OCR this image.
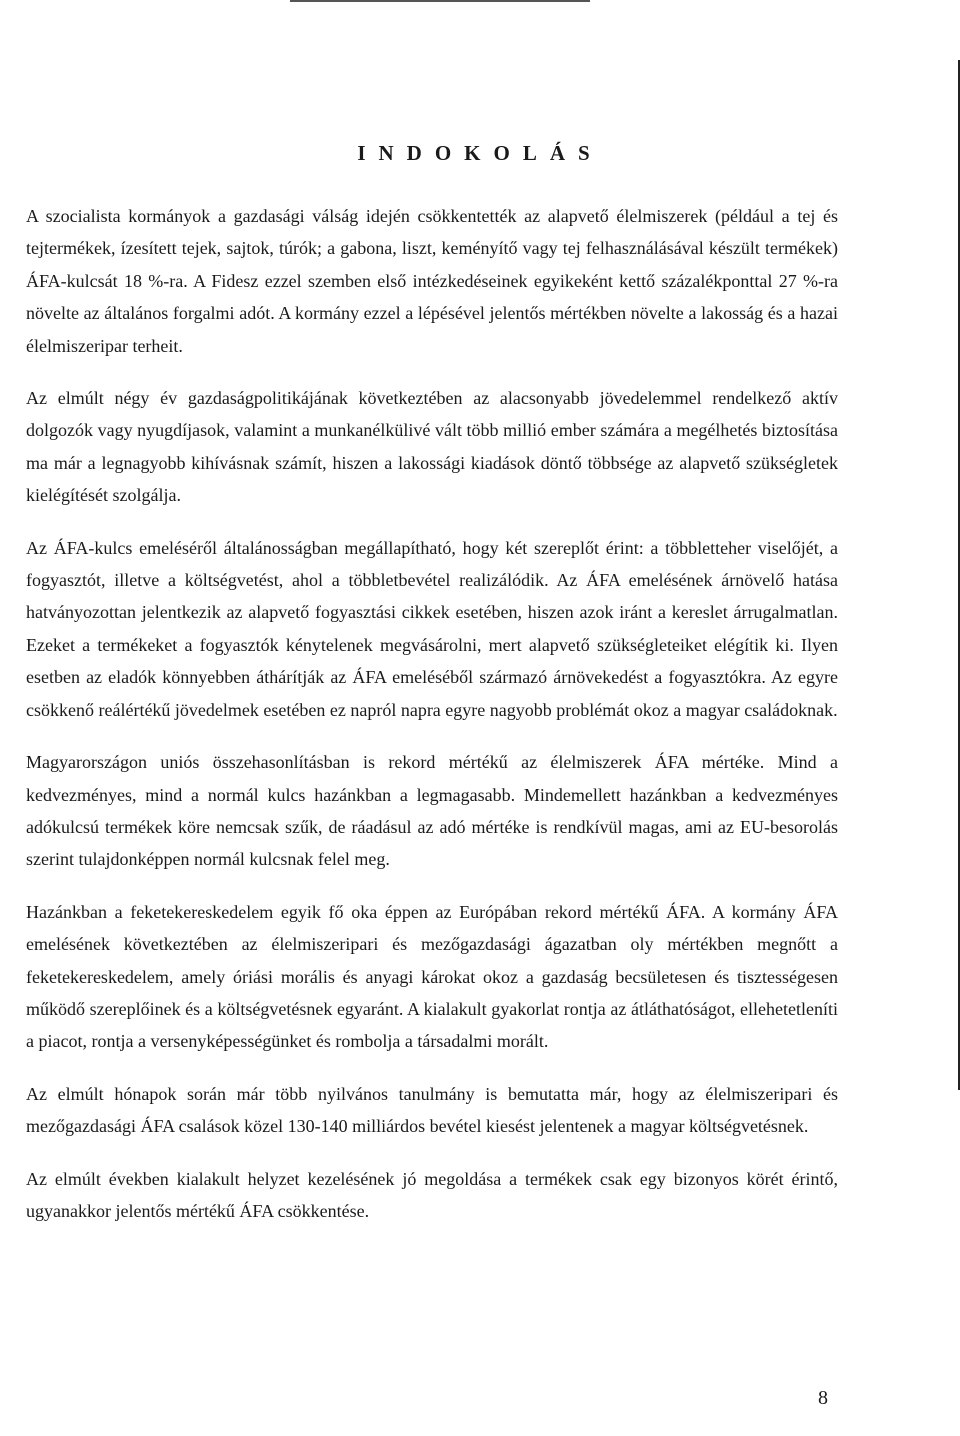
INDOKOLÁS

A szocialista kormányok a gazdasági válság idején csökkentették az alapvető élelmiszerek (például a tej és tejtermékek, ízesített tejek, sajtok, túrók; a gabona, liszt, keményítő vagy tej felhasználásával készült termékek) ÁFA-kulcsát 18 %-ra. A Fidesz ezzel szemben első intézkedéseinek egyikeként kettő százalékponttal 27 %-ra növelte az általános forgalmi adót. A kormány ezzel a lépésével jelentős mértékben növelte a lakosság és a hazai élelmiszeripar terheit.

Az elmúlt négy év gazdaságpolitikájának következtében az alacsonyabb jövedelemmel rendelkező aktív dolgozók vagy nyugdíjasok, valamint a munkanélkülivé vált több millió ember számára a megélhetés biztosítása ma már a legnagyobb kihívásnak számít, hiszen a lakossági kiadások döntő többsége az alapvető szükségletek kielégítését szolgálja.

Az ÁFA-kulcs emeléséről általánosságban megállapítható, hogy két szereplőt érint: a többletteher viselőjét, a fogyasztót, illetve a költségvetést, ahol a többletbevétel realizálódik. Az ÁFA emelésének árnövelő hatása hatványozottan jelentkezik az alapvető fogyasztási cikkek esetében, hiszen azok iránt a kereslet árrugalmatlan. Ezeket a termékeket a fogyasztók kénytelenek megvásárolni, mert alapvető szükségleteiket elégítik ki. Ilyen esetben az eladók könnyebben áthárítják az ÁFA emeléséből származó árnövekedést a fogyasztókra. Az egyre csökkenő reálértékű jövedelmek esetében ez napról napra egyre nagyobb problémát okoz a magyar családoknak.

Magyarországon uniós összehasonlításban is rekord mértékű az élelmiszerek ÁFA mértéke. Mind a kedvezményes, mind a normál kulcs hazánkban a legmagasabb. Mindemellett hazánkban a kedvezményes adókulcsú termékek köre nemcsak szűk, de ráadásul az adó mértéke is rendkívül magas, ami az EU-besorolás szerint tulajdonképpen normál kulcsnak felel meg.

Hazánkban a feketekereskedelem egyik fő oka éppen az Európában rekord mértékű ÁFA. A kormány ÁFA emelésének következtében az élelmiszeripari és mezőgazdasági ágazatban oly mértékben megnőtt a feketekereskedelem, amely óriási morális és anyagi károkat okoz a gazdaság becsületesen és tisztességesen működő szereplőinek és a költségvetésnek egyaránt. A kialakult gyakorlat rontja az átláthatóságot, ellehetetleníti a piacot, rontja a versenyképességünket és rombolja a társadalmi morált.

Az elmúlt hónapok során már több nyilvános tanulmány is bemutatta már, hogy az élelmiszeripari és mezőgazdasági ÁFA csalások közel 130-140 milliárdos bevétel kiesést jelentenek a magyar költségvetésnek.

Az elmúlt években kialakult helyzet kezelésének jó megoldása a termékek csak egy bizonyos körét érintő, ugyanakkor jelentős mértékű ÁFA csökkentése.

8
